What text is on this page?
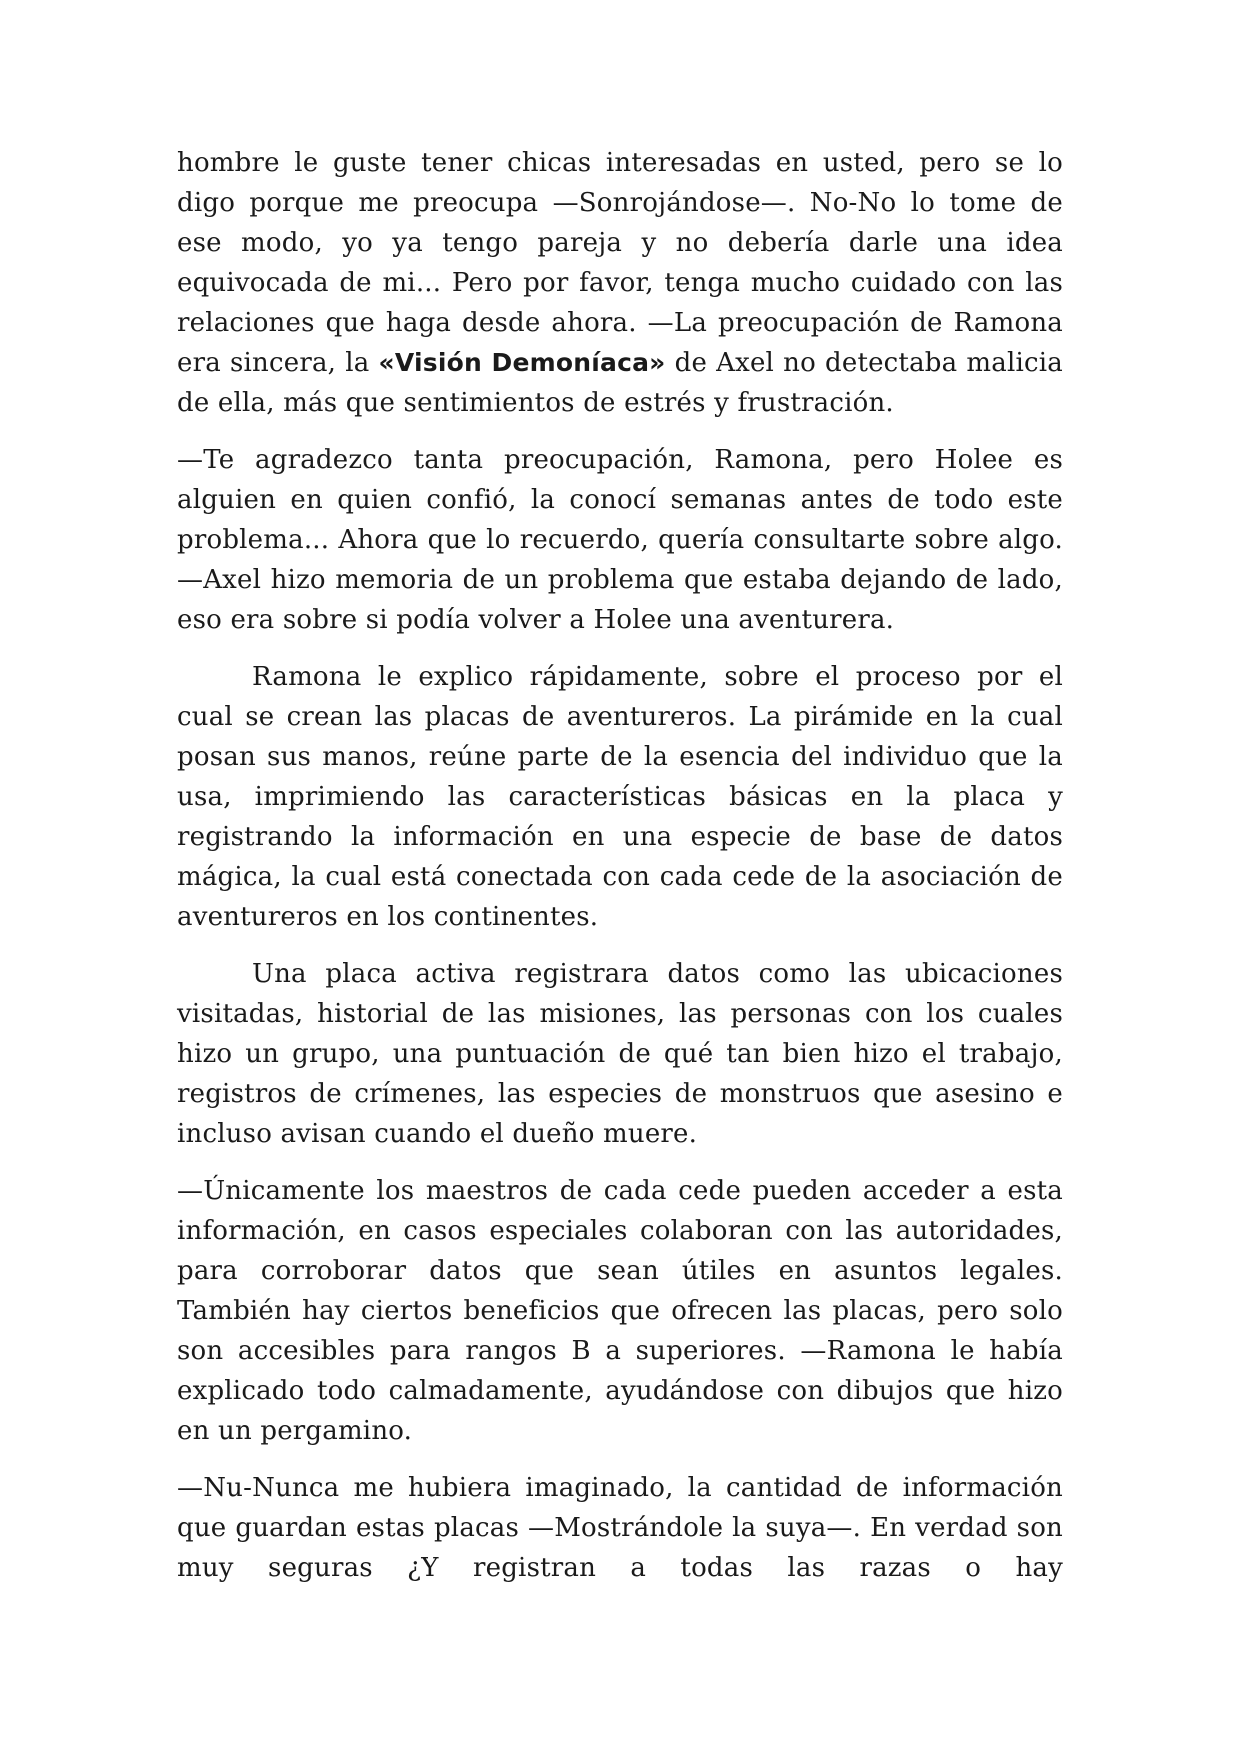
hombre le guste tener chicas interesadas en usted, pero se lo digo porque me preocupa —Sonrojándose—. No-No lo tome de ese modo, yo ya tengo pareja y no debería darle una idea equivocada de mi... Pero por favor, tenga mucho cuidado con las relaciones que haga desde ahora. —La preocupación de Ramona era sincera, la «Visión Demoníaca» de Axel no detectaba malicia de ella, más que sentimientos de estrés y frustración.

—Te agradezco tanta preocupación, Ramona, pero Holee es alguien en quien confió, la conocí semanas antes de todo este problema... Ahora que lo recuerdo, quería consultarte sobre algo. —Axel hizo memoria de un problema que estaba dejando de lado, eso era sobre si podía volver a Holee una aventurera.

Ramona le explico rápidamente, sobre el proceso por el cual se crean las placas de aventureros. La pirámide en la cual posan sus manos, reúne parte de la esencia del individuo que la usa, imprimiendo las características básicas en la placa y registrando la información en una especie de base de datos mágica, la cual está conectada con cada cede de la asociación de aventureros en los continentes.

Una placa activa registrara datos como las ubicaciones visitadas, historial de las misiones, las personas con los cuales hizo un grupo, una puntuación de qué tan bien hizo el trabajo, registros de crímenes, las especies de monstruos que asesino e incluso avisan cuando el dueño muere.

—Únicamente los maestros de cada cede pueden acceder a esta información, en casos especiales colaboran con las autoridades, para corroborar datos que sean útiles en asuntos legales. También hay ciertos beneficios que ofrecen las placas, pero solo son accesibles para rangos B a superiores. —Ramona le había explicado todo calmadamente, ayudándose con dibujos que hizo en un pergamino.

—Nu-Nunca me hubiera imaginado, la cantidad de información que guardan estas placas —Mostrándole la suya—. En verdad son muy seguras ¿Y registran a todas las razas o hay
